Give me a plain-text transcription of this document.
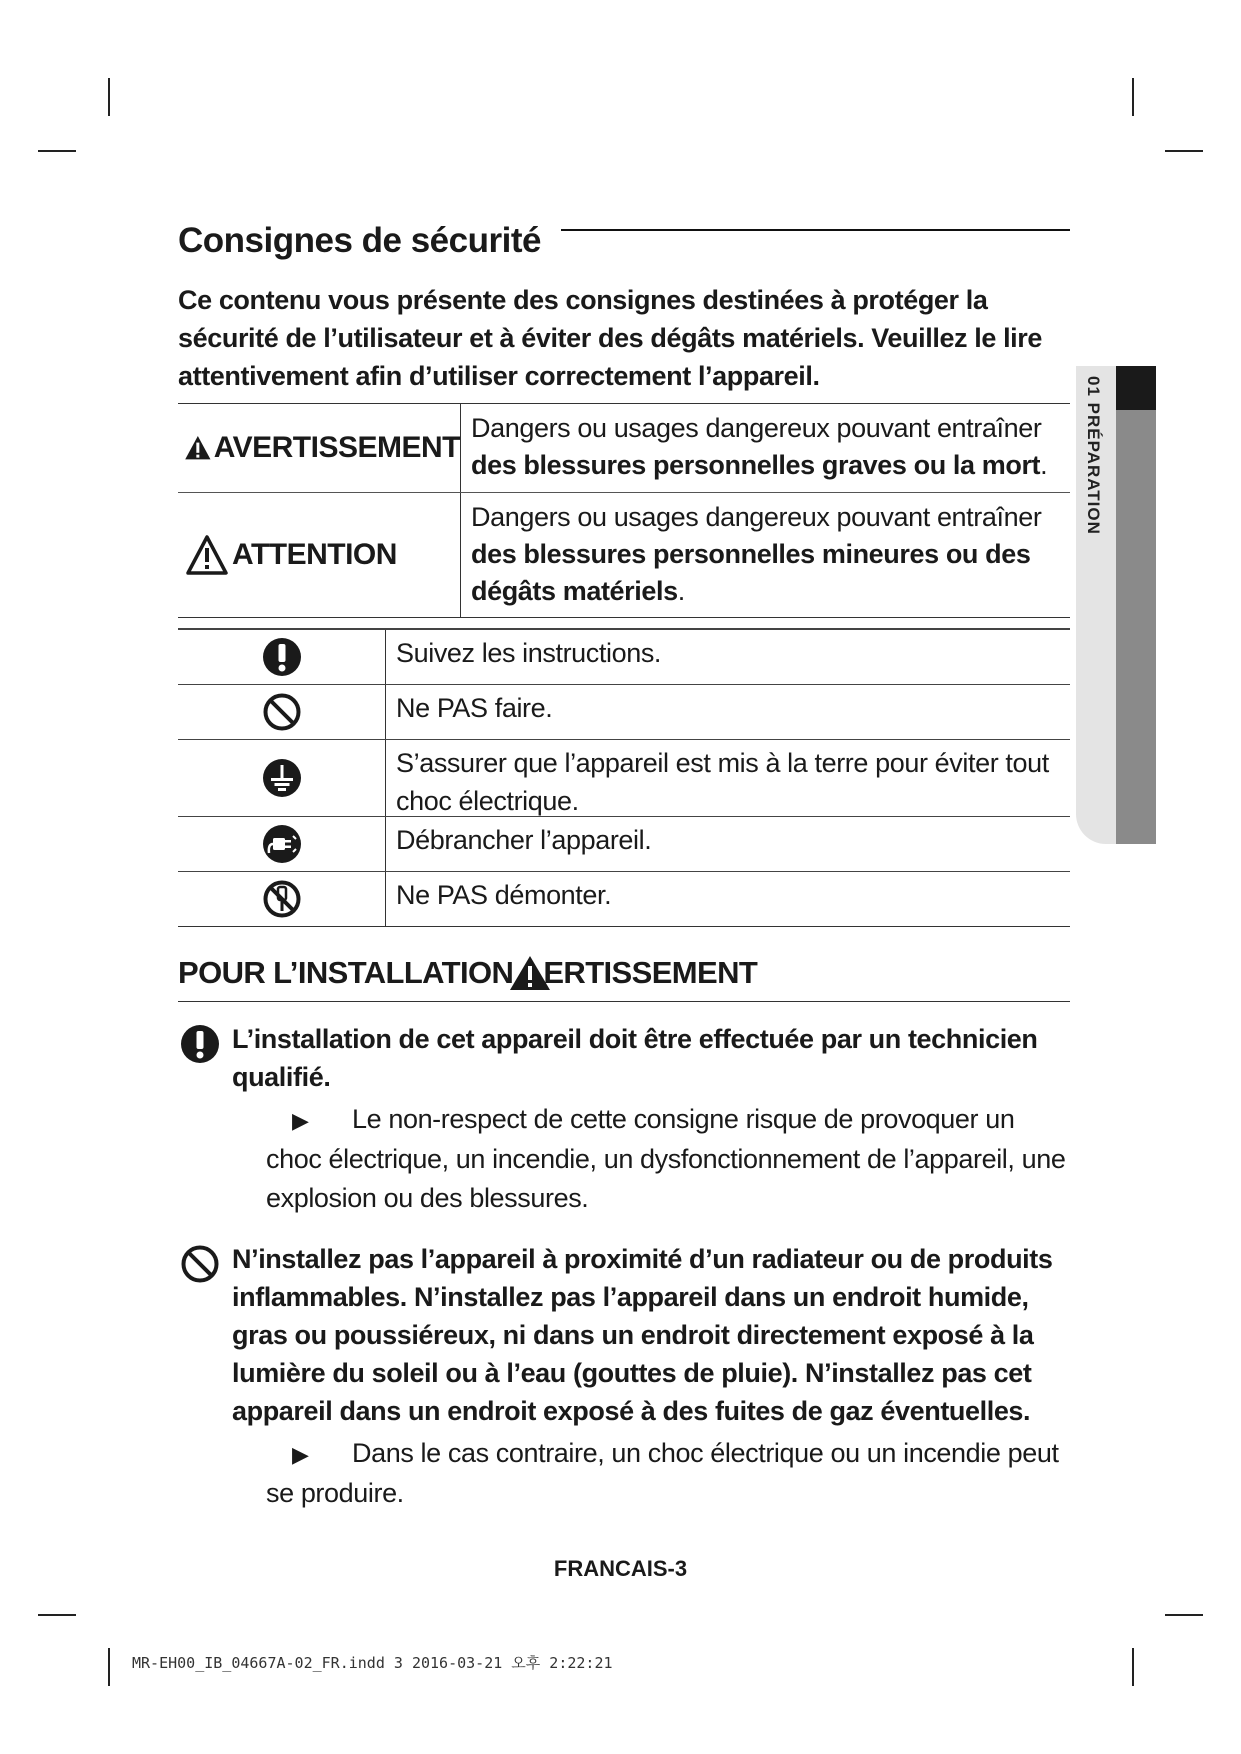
01 PRÉPARATION
Consignes de sécurité
Ce contenu vous présente des consignes destinées à protéger la sécurité de l’utilisateur et à éviter des dégâts matériels. Veuillez le lire attentivement afin d’utiliser correctement l’appareil.
AVERTISSEMENT
Dangers ou usages dangereux pouvant entraîner des blessures personnelles graves ou la mort.
ATTENTION
Dangers ou usages dangereux pouvant entraîner des blessures personnelles mineures ou des dégâts matériels.
Suivez les instructions.
Ne PAS faire.
S’assurer que l’appareil est mis à la terre pour éviter tout choc électrique.
Débrancher l’appareil.
Ne PAS démonter.
POUR L’INSTALLATION ERTISSEMENT
L’installation de cet appareil doit être effectuée par un technicien qualifié.
▶ Le non-respect de cette consigne risque de provoquer un choc électrique, un incendie, un dysfonctionnement de l’appareil, une explosion ou des blessures.
N’installez pas l’appareil à proximité d’un radiateur ou de produits inflammables. N’installez pas l’appareil dans un endroit humide, gras ou poussiéreux, ni dans un endroit directement exposé à la lumière du soleil ou à l’eau (gouttes de pluie). N’installez pas cet appareil dans un endroit exposé à des fuites de gaz éventuelles.
▶ Dans le cas contraire, un choc électrique ou un incendie peut se produire.
FRANCAIS-3
MR-EH00_IB_04667A-02_FR.indd 3 2016-03-21 오후 2:22:21
